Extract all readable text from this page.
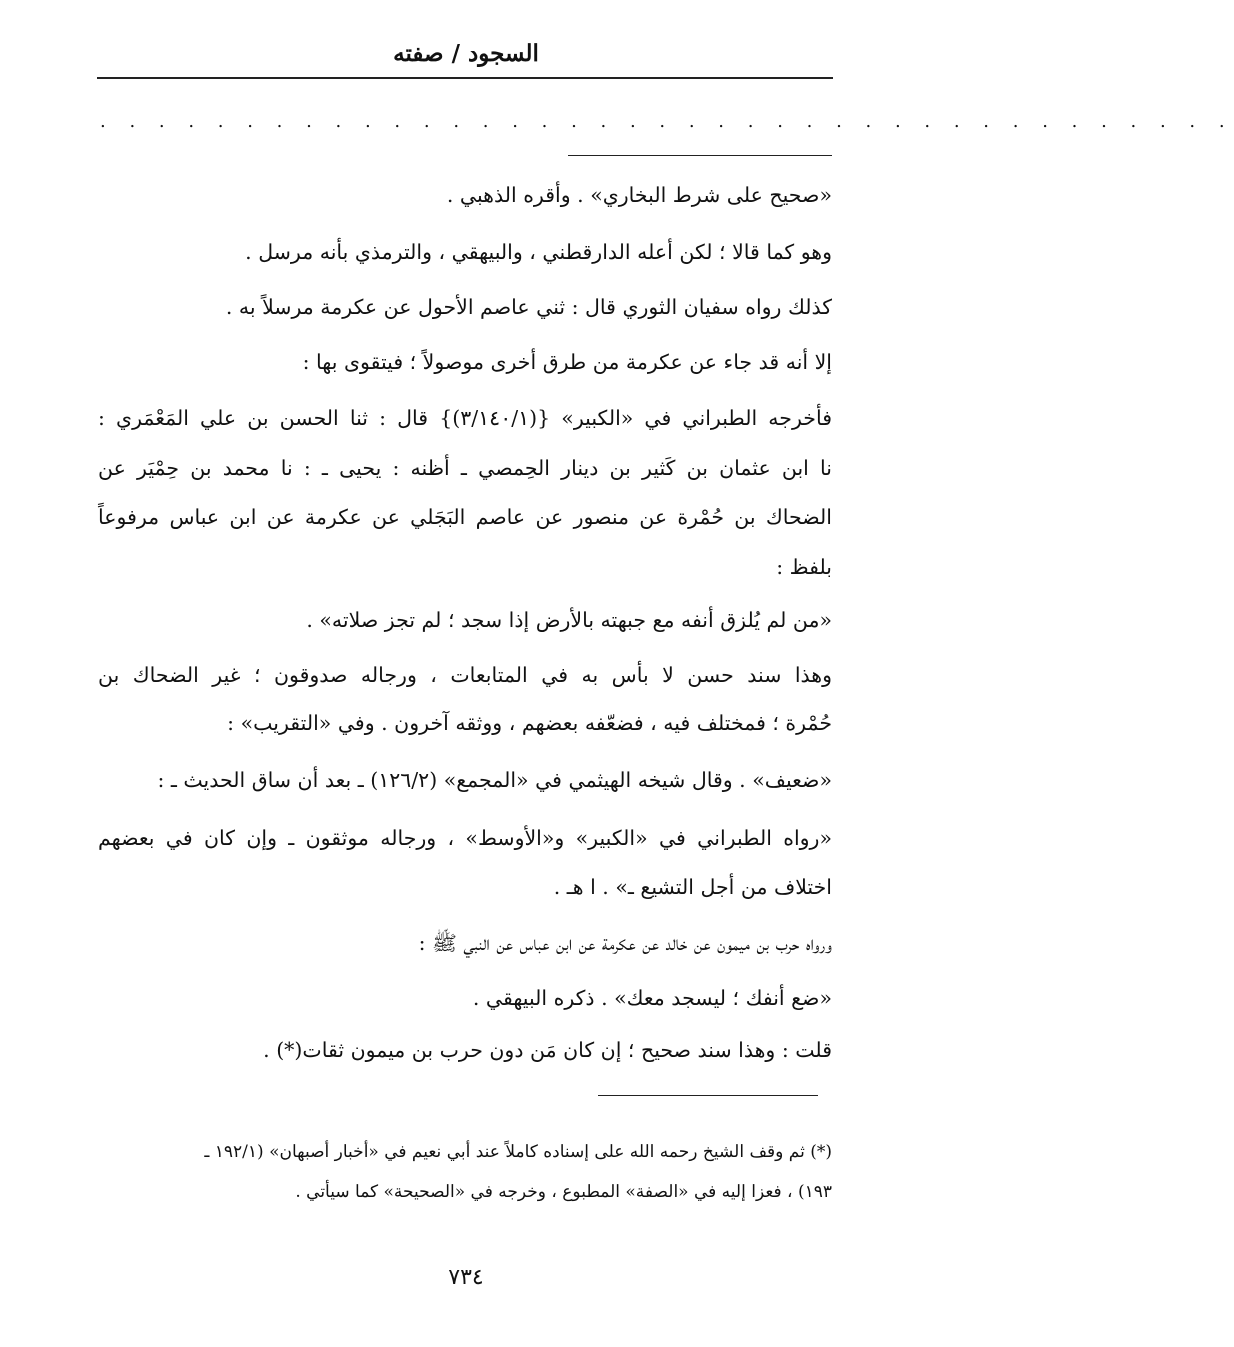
السجود / صفته
. . . . . . . . . . . . . . . . . . . . . . . . . . . . . . . . . . . . . . .
«صحيح على شرط البخاري» . وأقره الذهبي .
وهو كما قالا ؛ لكن أعله الدارقطني ، والبيهقي ، والترمذي بأنه مرسل .
كذلك رواه سفيان الثوري قال : ثني عاصم الأحول عن عكرمة مرسلاً به .
إلا أنه قد جاء عن عكرمة من طرق أخرى موصولاً ؛ فيتقوى بها :
فأخرجه الطبراني في «الكبير» {(٣/١٤٠/١)} قال : ثنا الحسن بن علي المَعْمَري :
نا ابن عثمان بن كَثير بن دينار الحِمصي ـ أظنه : يحيى ـ : نا محمد بن حِمْيَر عن
الضحاك بن حُمْرة عن منصور عن عاصم البَجَلي عن عكرمة عن ابن عباس مرفوعاً
بلفظ :
«من لم يُلزق أنفه مع جبهته بالأرض إذا سجد ؛ لم تجز صلاته» .
وهذا سند حسن لا بأس به في المتابعات ، ورجاله صدوقون ؛ غير الضحاك بن
حُمْرة ؛ فمختلف فيه ، فضعّفه بعضهم ، ووثقه آخرون . وفي «التقريب» :
«ضعيف» . وقال شيخه الهيثمي في «المجمع» (١٢٦/٢) ـ بعد أن ساق الحديث ـ :
«رواه الطبراني في «الكبير» و«الأوسط» ، ورجاله موثقون ـ وإن كان في بعضهم
اختلاف من أجل التشيع ـ» . ا هـ .
ورواه حرب بن ميمون عن خالد عن عكرمة عن ابن عباس عن النبي ﷺ :
«ضع أنفك ؛ ليسجد معك» . ذكره البيهقي .
قلت : وهذا سند صحيح ؛ إن كان مَن دون حرب بن ميمون ثقات(*) .
(*) ثم وقف الشيخ رحمه الله على إسناده كاملاً عند أبي نعيم في «أخبار أصبهان» (١٩٢/١ ـ
١٩٣) ، فعزا إليه في «الصفة» المطبوع ، وخرجه في «الصحيحة» كما سيأتي .
٧٣٤
